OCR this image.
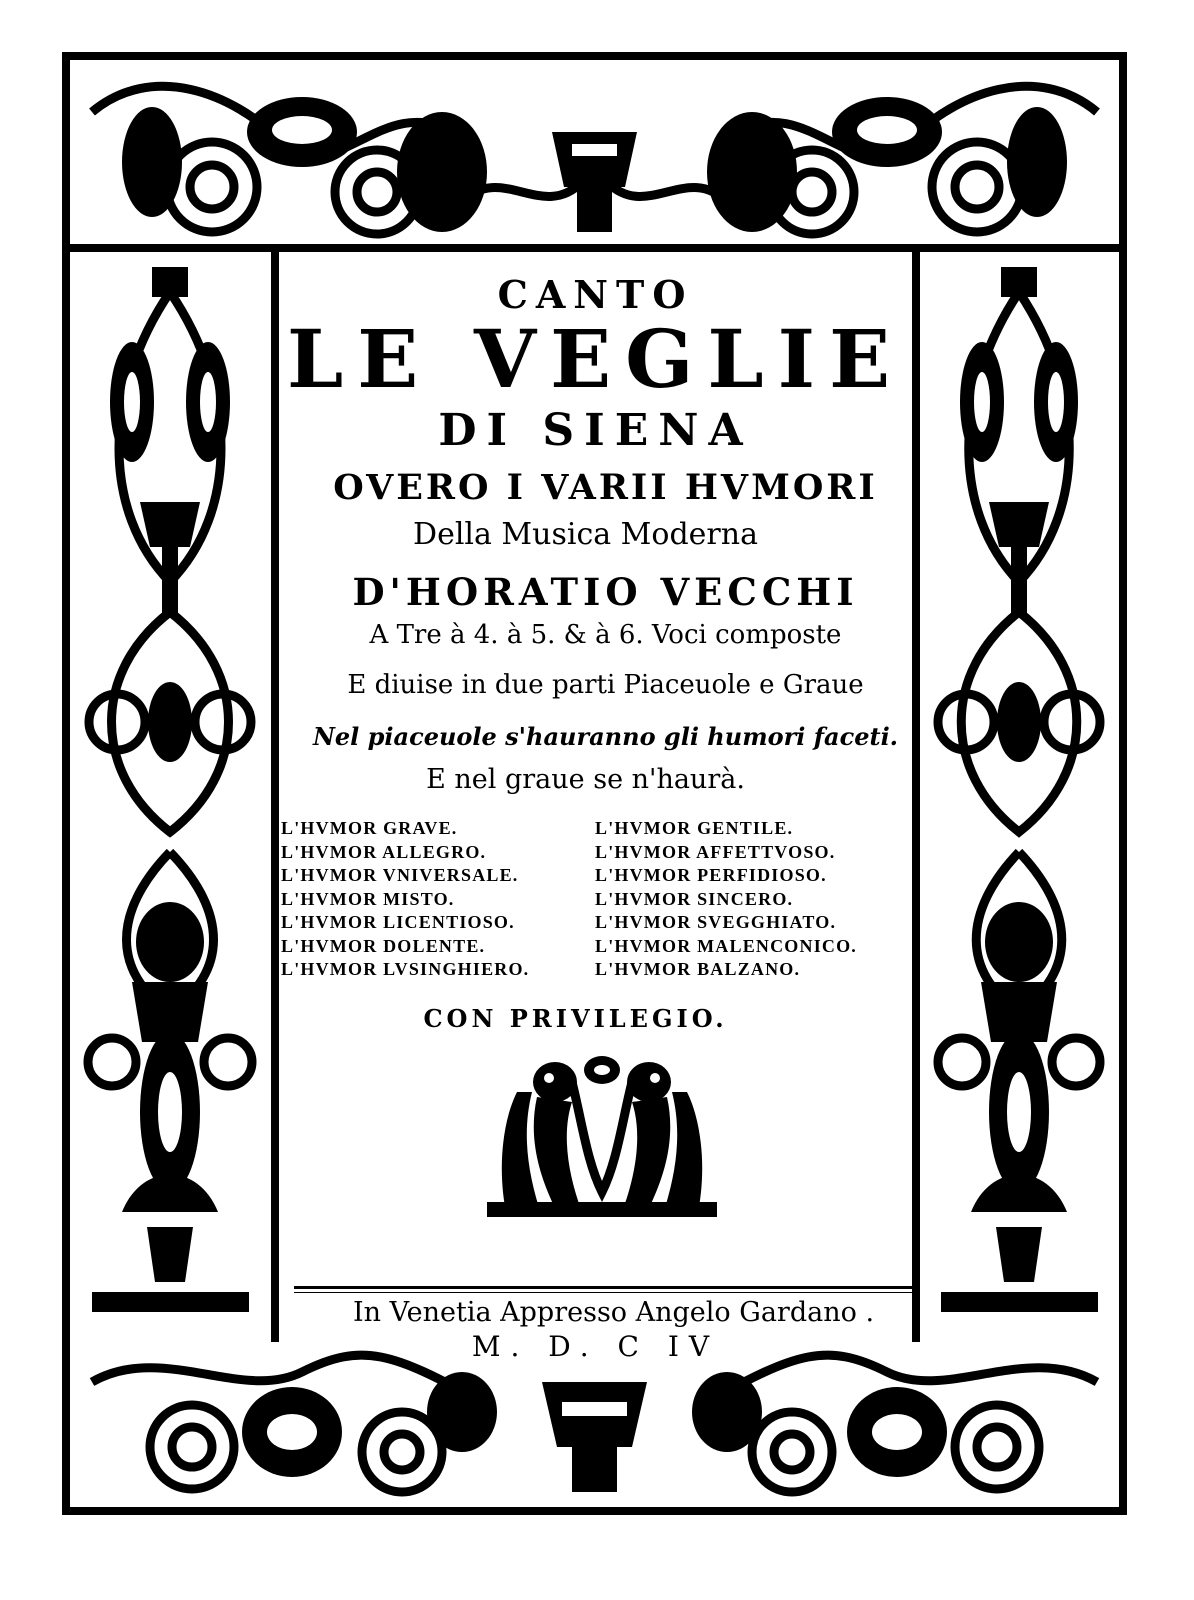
CANTO
LE VEGLIE
DI SIENA
OVERO I VARII HVMORI
Della Musica Moderna
D'HORATIO VECCHI
A Tre à 4. à 5. & à 6. Voci composte
E diuise in due parti Piaceuole e Graue
Nel piaceuole s'hauranno gli humori faceti.
E nel graue se n'haurà.
L'HVMOR GRAVE.
L'HVMOR ALLEGRO.
L'HVMOR VNIVERSALE.
L'HVMOR MISTO.
L'HVMOR LICENTIOSO.
L'HVMOR DOLENTE.
L'HVMOR LVSINGHIERO.
L'HVMOR GENTILE.
L'HVMOR AFFETTVOSO.
L'HVMOR PERFIDIOSO.
L'HVMOR SINCERO.
L'HVMOR SVEGGHIATO.
L'HVMOR MALENCONICO.
L'HVMOR BALZANO.
CON PRIVILEGIO.
In Venetia Appresso Angelo Gardano .
M. D. C IV
